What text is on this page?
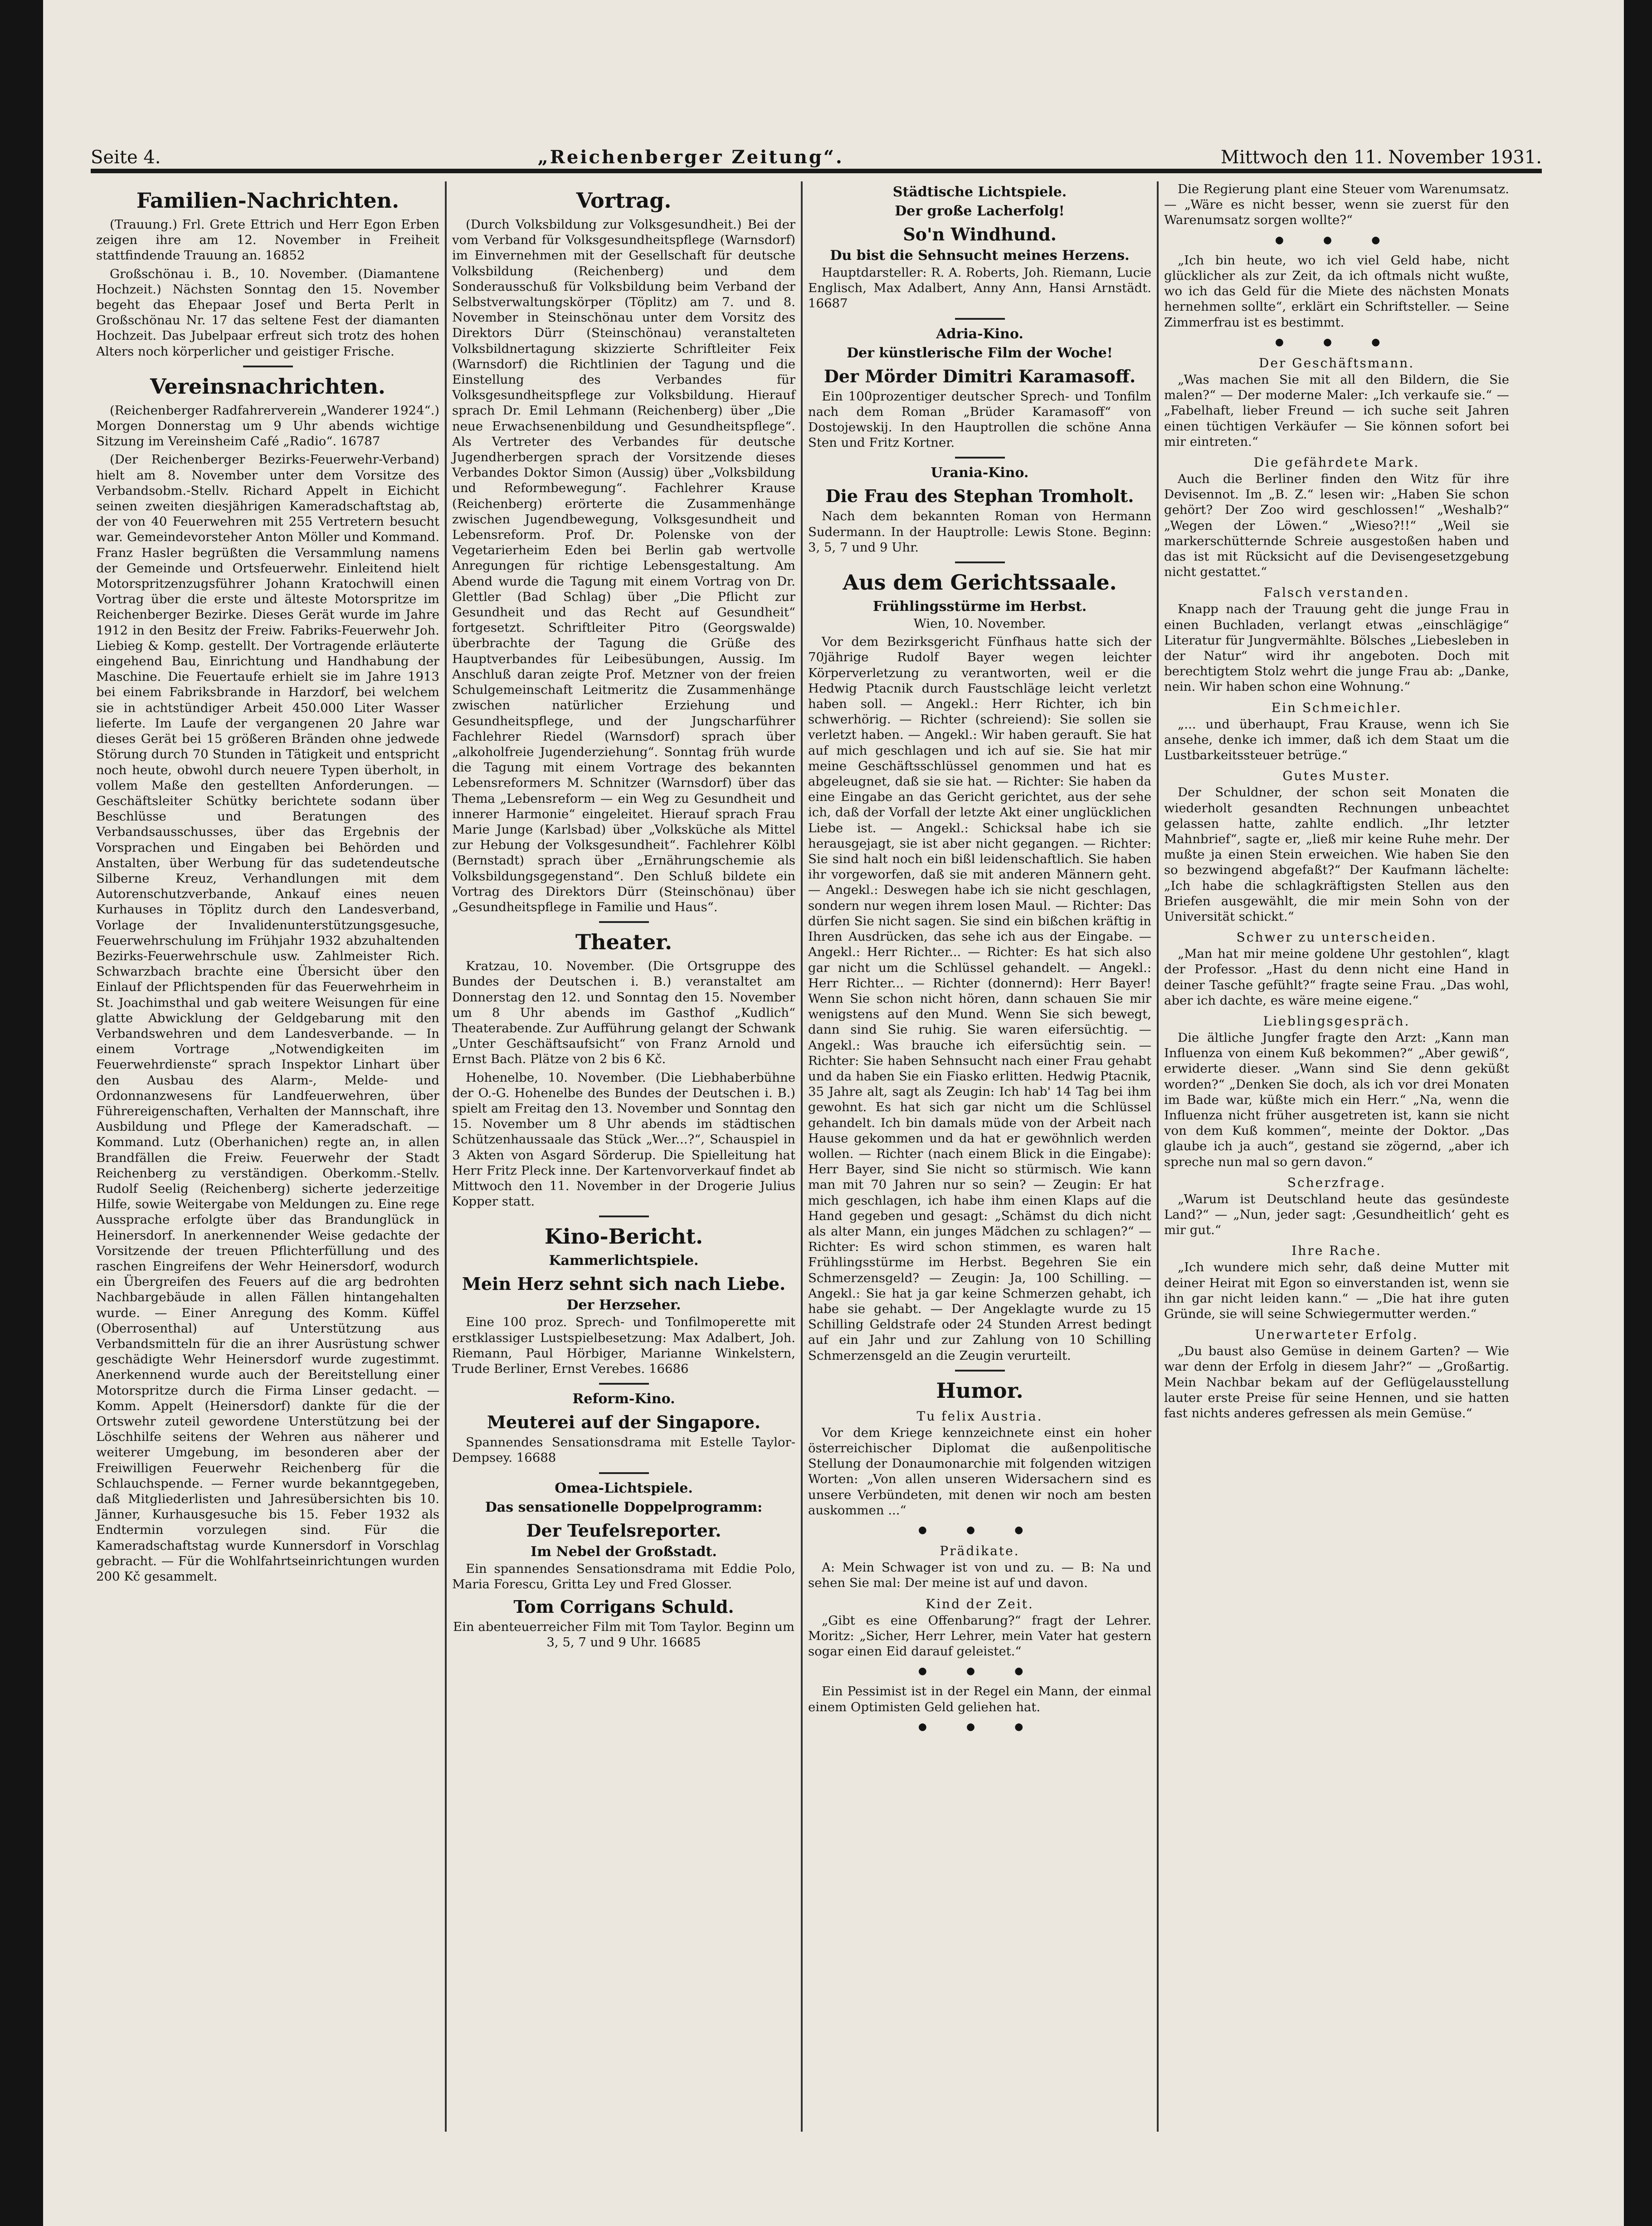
Seite 4.	„Reichenberger Zeitung“.	Mittwoch den 11. November 1931.
Familien-Nachrichten.

(Trauung.) Frl. Grete Ettrich und Herr Egon Erben zeigen ihre am 12. November in Freiheit stattfindende Trauung an. 16852

Großschönau i. B., 10. November. (Diamantene Hochzeit.) Nächsten Sonntag den 15. November begeht das Ehepaar Josef und Berta Perlt in Großschönau Nr. 17 das seltene Fest der diamanten Hochzeit. Das Jubelpaar erfreut sich trotz des hohen Alters noch körperlicher und geistiger Frische.

Vereinsnachrichten.

(Reichenberger Radfahrerverein „Wanderer 1924“.) Morgen Donnerstag um 9 Uhr abends wichtige Sitzung im Vereinsheim Café „Radio“. 16787

(Der Reichenberger Bezirks-Feuerwehr-Verband) hielt am 8. November unter dem Vorsitze des Verbandsobm.-Stellv. Richard Appelt in Eichicht seinen zweiten diesjährigen Kameradschaftstag ab, der von 40 Feuerwehren mit 255 Vertretern besucht war. Gemeindevorsteher Anton Möller und Kommand. Franz Hasler begrüßten die Versammlung namens der Gemeinde und Ortsfeuerwehr. Einleitend hielt Motorspritzenzugsführer Johann Kratochwill einen Vortrag über die erste und älteste Motorspritze im Reichenberger Bezirke. Dieses Gerät wurde im Jahre 1912 in den Besitz der Freiw. Fabriks-Feuerwehr Joh. Liebieg & Komp. gestellt. Der Vortragende erläuterte eingehend Bau, Einrichtung und Handhabung der Maschine. Die Feuertaufe erhielt sie im Jahre 1913 bei einem Fabriksbrande in Harzdorf, bei welchem sie in achtstündiger Arbeit 450.000 Liter Wasser lieferte. Im Laufe der vergangenen 20 Jahre war dieses Gerät bei 15 größeren Bränden ohne jedwede Störung durch 70 Stunden in Tätigkeit und entspricht noch heute, obwohl durch neuere Typen überholt, in vollem Maße den gestellten Anforderungen. — Geschäftsleiter Schütky berichtete sodann über Beschlüsse und Beratungen des Verbandsausschusses, über das Ergebnis der Vorsprachen und Eingaben bei Behörden und Anstalten, über Werbung für das sudetendeutsche Silberne Kreuz, Verhandlungen mit dem Autorenschutzverbande, Ankauf eines neuen Kurhauses in Töplitz durch den Landesverband, Vorlage der Invalidenunterstützungsgesuche, Feuerwehrschulung im Frühjahr 1932 abzuhaltenden Bezirks-Feuerwehrschule usw. Zahlmeister Rich. Schwarzbach brachte eine Übersicht über den Einlauf der Pflichtspenden für das Feuerwehrheim in St. Joachimsthal und gab weitere Weisungen für eine glatte Abwicklung der Geldgebarung mit den Verbandswehren und dem Landesverbande. — In einem Vortrage „Notwendigkeiten im Feuerwehrdienste“ sprach Inspektor Linhart über den Ausbau des Alarm-, Melde- und Ordonnanzwesens für Landfeuerwehren, über Führereigenschaften, Verhalten der Mannschaft, ihre Ausbildung und Pflege der Kameradschaft. — Kommand. Lutz (Oberhanichen) regte an, in allen Brandfällen die Freiw. Feuerwehr der Stadt Reichenberg zu verständigen. Oberkomm.-Stellv. Rudolf Seelig (Reichenberg) sicherte jederzeitige Hilfe, sowie Weitergabe von Meldungen zu. Eine rege Aussprache erfolgte über das Brandunglück in Heinersdorf. In anerkennender Weise gedachte der Vorsitzende der treuen Pflichterfüllung und des raschen Eingreifens der Wehr Heinersdorf, wodurch ein Übergreifen des Feuers auf die arg bedrohten Nachbargebäude in allen Fällen hintangehalten wurde. — Einer Anregung des Komm. Küffel (Oberrosenthal) auf Unterstützung aus Verbandsmitteln für die an ihrer Ausrüstung schwer geschädigte Wehr Heinersdorf wurde zugestimmt. Anerkennend wurde auch der Bereitstellung einer Motorspritze durch die Firma Linser gedacht. — Komm. Appelt (Heinersdorf) dankte für die der Ortswehr zuteil gewordene Unterstützung bei der Löschhilfe seitens der Wehren aus näherer und weiterer Umgebung, im besonderen aber der Freiwilligen Feuerwehr Reichenberg für die Schlauchspende. — Ferner wurde bekanntgegeben, daß Mitgliederlisten und Jahresübersichten bis 10. Jänner, Kurhausgesuche bis 15. Feber 1932 als Endtermin vorzulegen sind. Für die Kameradschaftstag wurde Kunnersdorf in Vorschlag gebracht. — Für die Wohlfahrtseinrichtungen wurden 200 Kč gesammelt.

Vortrag.

(Durch Volksbildung zur Volksgesundheit.) Bei der vom Verband für Volksgesundheitspflege (Warnsdorf) im Einvernehmen mit der Gesellschaft für deutsche Volksbildung (Reichenberg) und dem Sonderausschuß für Volksbildung beim Verband der Selbstverwaltungskörper (Töplitz) am 7. und 8. November in Steinschönau unter dem Vorsitz des Direktors Dürr (Steinschönau) veranstalteten Volksbildnertagung skizzierte Schriftleiter Feix (Warnsdorf) die Richtlinien der Tagung und die Einstellung des Verbandes für Volksgesundheitspflege zur Volksbildung. Hierauf sprach Dr. Emil Lehmann (Reichenberg) über „Die neue Erwachsenenbildung und Gesundheitspflege“. Als Vertreter des Verbandes für deutsche Jugendherbergen sprach der Vorsitzende dieses Verbandes Doktor Simon (Aussig) über „Volksbildung und Reformbewegung“. Fachlehrer Krause (Reichenberg) erörterte die Zusammenhänge zwischen Jugendbewegung, Volksgesundheit und Lebensreform. Prof. Dr. Polenske von der Vegetarierheim Eden bei Berlin gab wertvolle Anregungen für richtige Lebensgestaltung. Am Abend wurde die Tagung mit einem Vortrag von Dr. Glettler (Bad Schlag) über „Die Pflicht zur Gesundheit und das Recht auf Gesundheit“ fortgesetzt. Schriftleiter Pitro (Georgswalde) überbrachte der Tagung die Grüße des Hauptverbandes für Leibesübungen, Aussig. Im Anschluß daran zeigte Prof. Metzner von der freien Schulgemeinschaft Leitmeritz die Zusammenhänge zwischen natürlicher Erziehung und Gesundheitspflege, und der Jungscharführer Fachlehrer Riedel (Warnsdorf) sprach über „alkoholfreie Jugenderziehung“. Sonntag früh wurde die Tagung mit einem Vortrage des bekannten Lebensreformers M. Schnitzer (Warnsdorf) über das Thema „Lebensreform — ein Weg zu Gesundheit und innerer Harmonie“ eingeleitet. Hierauf sprach Frau Marie Junge (Karlsbad) über „Volksküche als Mittel zur Hebung der Volksgesundheit“. Fachlehrer Kölbl (Bernstadt) sprach über „Ernährungschemie als Volksbildungsgegenstand“. Den Schluß bildete ein Vortrag des Direktors Dürr (Steinschönau) über „Gesundheitspflege in Familie und Haus“.

Theater.

Kratzau, 10. November. (Die Ortsgruppe des Bundes der Deutschen i. B.) veranstaltet am Donnerstag den 12. und Sonntag den 15. November um 8 Uhr abends im Gasthof „Kudlich“ Theaterabende. Zur Aufführung gelangt der Schwank „Unter Geschäftsaufsicht“ von Franz Arnold und Ernst Bach. Plätze von 2 bis 6 Kč.

Hohenelbe, 10. November. (Die Liebhaberbühne der O.-G. Hohenelbe des Bundes der Deutschen i. B.) spielt am Freitag den 13. November und Sonntag den 15. November um 8 Uhr abends im städtischen Schützenhaussaale das Stück „Wer...?“, Schauspiel in 3 Akten von Asgard Sörderup. Die Spielleitung hat Herr Fritz Pleck inne. Der Kartenvorverkauf findet ab Mittwoch den 11. November in der Drogerie Julius Kopper statt.

Kino-Bericht.
Kammerlichtspiele.
Mein Herz sehnt sich nach Liebe.
Der Herzseher.

Eine 100 proz. Sprech- und Tonfilmoperette mit erstklassiger Lustspielbesetzung: Max Adalbert, Joh. Riemann, Paul Hörbiger, Marianne Winkelstern, Trude Berliner, Ernst Verebes. 16686

Reform-Kino.
Meuterei auf der Singapore.

Spannendes Sensationsdrama mit Estelle Taylor-Dempsey. 16688

Omea-Lichtspiele.
Das sensationelle Doppelprogramm:
Der Teufelsreporter.
Im Nebel der Großstadt.

Ein spannendes Sensationsdrama mit Eddie Polo, Maria Forescu, Gritta Ley und Fred Glosser.

Tom Corrigans Schuld.

Ein abenteuerreicher Film mit Tom Taylor. Beginn um 3, 5, 7 und 9 Uhr. 16685

Städtische Lichtspiele.
Der große Lacherfolg!
So'n Windhund.
Du bist die Sehnsucht meines Herzens.

Hauptdarsteller: R. A. Roberts, Joh. Riemann, Lucie Englisch, Max Adalbert, Anny Ann, Hansi Arnstädt. 16687

Adria-Kino.
Der künstlerische Film der Woche!
Der Mörder Dimitri Karamasoff.

Ein 100prozentiger deutscher Sprech- und Tonfilm nach dem Roman „Brüder Karamasoff“ von Dostojewskij. In den Hauptrollen die schöne Anna Sten und Fritz Kortner.

Urania-Kino.
Die Frau des Stephan Tromholt.

Nach dem bekannten Roman von Hermann Sudermann. In der Hauptrolle: Lewis Stone. Beginn: 3, 5, 7 und 9 Uhr.

Aus dem Gerichtssaale.
Frühlingsstürme im Herbst.

Wien, 10. November.

Vor dem Bezirksgericht Fünfhaus hatte sich der 70jährige Rudolf Bayer wegen leichter Körperverletzung zu verantworten, weil er die Hedwig Ptacnik durch Faustschläge leicht verletzt haben soll. — Angekl.: Herr Richter, ich bin schwerhörig. — Richter (schreiend): Sie sollen sie verletzt haben. — Angekl.: Wir haben gerauft. Sie hat auf mich geschlagen und ich auf sie. Sie hat mir meine Geschäftsschlüssel genommen und hat es abgeleugnet, daß sie sie hat. — Richter: Sie haben da eine Eingabe an das Gericht gerichtet, aus der sehe ich, daß der Vorfall der letzte Akt einer unglücklichen Liebe ist. — Angekl.: Schicksal habe ich sie herausgejagt, sie ist aber nicht gegangen. — Richter: Sie sind halt noch ein bißl leidenschaftlich. Sie haben ihr vorgeworfen, daß sie mit anderen Männern geht. — Angekl.: Deswegen habe ich sie nicht geschlagen, sondern nur wegen ihrem losen Maul. — Richter: Das dürfen Sie nicht sagen. Sie sind ein bißchen kräftig in Ihren Ausdrücken, das sehe ich aus der Eingabe. — Angekl.: Herr Richter... — Richter: Es hat sich also gar nicht um die Schlüssel gehandelt. — Angekl.: Herr Richter... — Richter (donnernd): Herr Bayer! Wenn Sie schon nicht hören, dann schauen Sie mir wenigstens auf den Mund. Wenn Sie sich bewegt, dann sind Sie ruhig. Sie waren eifersüchtig. — Angekl.: Was brauche ich eifersüchtig sein. — Richter: Sie haben Sehnsucht nach einer Frau gehabt und da haben Sie ein Fiasko erlitten. Hedwig Ptacnik, 35 Jahre alt, sagt als Zeugin: Ich hab' 14 Tag bei ihm gewohnt. Es hat sich gar nicht um die Schlüssel gehandelt. Ich bin damals müde von der Arbeit nach Hause gekommen und da hat er gewöhnlich werden wollen. — Richter (nach einem Blick in die Eingabe): Herr Bayer, sind Sie nicht so stürmisch. Wie kann man mit 70 Jahren nur so sein? — Zeugin: Er hat mich geschlagen, ich habe ihm einen Klaps auf die Hand gegeben und gesagt: „Schämst du dich nicht als alter Mann, ein junges Mädchen zu schlagen?“ — Richter: Es wird schon stimmen, es waren halt Frühlingsstürme im Herbst. Begehren Sie ein Schmerzensgeld? — Zeugin: Ja, 100 Schilling. — Angekl.: Sie hat ja gar keine Schmerzen gehabt, ich habe sie gehabt. — Der Angeklagte wurde zu 15 Schilling Geldstrafe oder 24 Stunden Arrest bedingt auf ein Jahr und zur Zahlung von 10 Schilling Schmerzensgeld an die Zeugin verurteilt.

Humor.
Tu felix Austria.

Vor dem Kriege kennzeichnete einst ein hoher österreichischer Diplomat die außenpolitische Stellung der Donaumonarchie mit folgenden witzigen Worten: „Von allen unseren Widersachern sind es unsere Verbündeten, mit denen wir noch am besten auskommen ...“

● ● ●
Prädikate.

A: Mein Schwager ist von und zu. — B: Na und sehen Sie mal: Der meine ist auf und davon.

Kind der Zeit.

„Gibt es eine Offenbarung?“ fragt der Lehrer. Moritz: „Sicher, Herr Lehrer, mein Vater hat gestern sogar einen Eid darauf geleistet.“

● ● ●

Ein Pessimist ist in der Regel ein Mann, der einmal einem Optimisten Geld geliehen hat.

● ● ●

Die Regierung plant eine Steuer vom Warenumsatz. — „Wäre es nicht besser, wenn sie zuerst für den Warenumsatz sorgen wollte?“

● ● ●

„Ich bin heute, wo ich viel Geld habe, nicht glücklicher als zur Zeit, da ich oftmals nicht wußte, wo ich das Geld für die Miete des nächsten Monats hernehmen sollte“, erklärt ein Schriftsteller. — Seine Zimmerfrau ist es bestimmt.

● ● ●
Der Geschäftsmann.

„Was machen Sie mit all den Bildern, die Sie malen?“ — Der moderne Maler: „Ich verkaufe sie.“ — „Fabelhaft, lieber Freund — ich suche seit Jahren einen tüchtigen Verkäufer — Sie können sofort bei mir eintreten.“

Die gefährdete Mark.

Auch die Berliner finden den Witz für ihre Devisennot. Im „B. Z.“ lesen wir: „Haben Sie schon gehört? Der Zoo wird geschlossen!“ „Weshalb?“ „Wegen der Löwen.“ „Wieso?!!“ „Weil sie markerschütternde Schreie ausgestoßen haben und das ist mit Rücksicht auf die Devisengesetzgebung nicht gestattet.“

Falsch verstanden.

Knapp nach der Trauung geht die junge Frau in einen Buchladen, verlangt etwas „einschlägige“ Literatur für Jungvermählte. Bölsches „Liebesleben in der Natur“ wird ihr angeboten. Doch mit berechtigtem Stolz wehrt die junge Frau ab: „Danke, nein. Wir haben schon eine Wohnung.“

Ein Schmeichler.

„... und überhaupt, Frau Krause, wenn ich Sie ansehe, denke ich immer, daß ich dem Staat um die Lustbarkeitssteuer betrüge.“

Gutes Muster.

Der Schuldner, der schon seit Monaten die wiederholt gesandten Rechnungen unbeachtet gelassen hatte, zahlte endlich. „Ihr letzter Mahnbrief“, sagte er, „ließ mir keine Ruhe mehr. Der mußte ja einen Stein erweichen. Wie haben Sie den so bezwingend abgefaßt?“ Der Kaufmann lächelte: „Ich habe die schlagkräftigsten Stellen aus den Briefen ausgewählt, die mir mein Sohn von der Universität schickt.“

Schwer zu unterscheiden.

„Man hat mir meine goldene Uhr gestohlen“, klagt der Professor. „Hast du denn nicht eine Hand in deiner Tasche gefühlt?“ fragte seine Frau. „Das wohl, aber ich dachte, es wäre meine eigene.“

Lieblingsgespräch.

Die ältliche Jungfer fragte den Arzt: „Kann man Influenza von einem Kuß bekommen?“ „Aber gewiß“, erwiderte dieser. „Wann sind Sie denn geküßt worden?“ „Denken Sie doch, als ich vor drei Monaten im Bade war, küßte mich ein Herr.“ „Na, wenn die Influenza nicht früher ausgetreten ist, kann sie nicht von dem Kuß kommen“, meinte der Doktor. „Das glaube ich ja auch“, gestand sie zögernd, „aber ich spreche nun mal so gern davon.“

Scherzfrage.

„Warum ist Deutschland heute das gesündeste Land?“ — „Nun, jeder sagt: ‚Gesundheitlich‘ geht es mir gut.“

Ihre Rache.

„Ich wundere mich sehr, daß deine Mutter mit deiner Heirat mit Egon so einverstanden ist, wenn sie ihn gar nicht leiden kann.“ — „Die hat ihre guten Gründe, sie will seine Schwiegermutter werden.“

Unerwarteter Erfolg.

„Du baust also Gemüse in deinem Garten? — Wie war denn der Erfolg in diesem Jahr?“ — „Großartig. Mein Nachbar bekam auf der Geflügelausstellung lauter erste Preise für seine Hennen, und sie hatten fast nichts anderes gefressen als mein Gemüse.“
